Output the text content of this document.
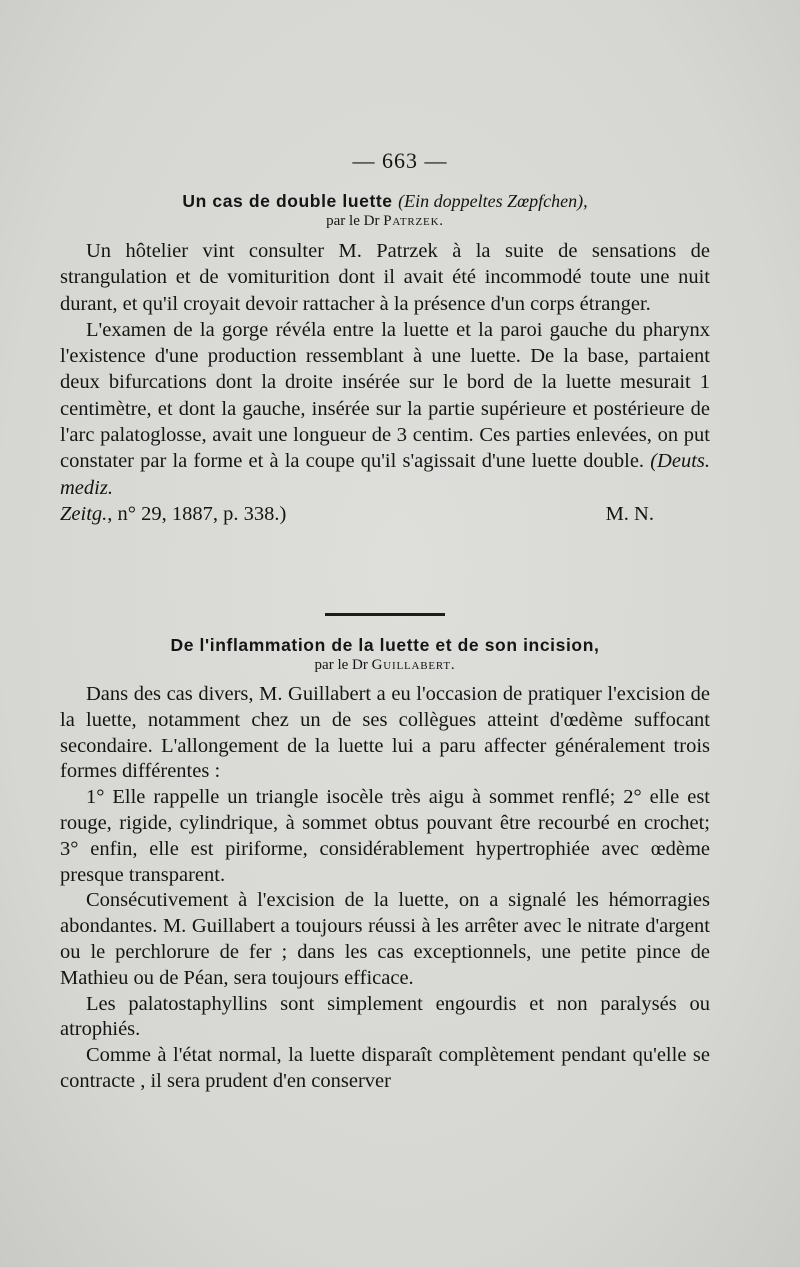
— 663 —
Un cas de double luette (Ein doppeltes Zœpfchen),
par le Dr Patrzek.

Un hôtelier vint consulter M. Patrzek à la suite de sensations de strangulation et de vomiturition dont il avait été incommodé toute une nuit durant, et qu'il croyait devoir rattacher à la présence d'un corps étranger.

L'examen de la gorge révéla entre la luette et la paroi gauche du pharynx l'existence d'une production ressemblant à une luette. De la base, partaient deux bifurcations dont la droite insérée sur le bord de la luette mesurait 1 centimètre, et dont la gauche, insérée sur la partie supérieure et postérieure de l'arc palatoglosse, avait une longueur de 3 centim. Ces parties enlevées, on put constater par la forme et à la coupe qu'il s'agissait d'une luette double. (Deuts. mediz.

Zeitg., n° 29, 1887, p. 338.)	M. N.

De l'inflammation de la luette et de son incision,
par le Dr Guillabert.

Dans des cas divers, M. Guillabert a eu l'occasion de pratiquer l'excision de la luette, notamment chez un de ses collègues atteint d'œdème suffocant secondaire. L'allongement de la luette lui a paru affecter généralement trois formes différentes :

1° Elle rappelle un triangle isocèle très aigu à sommet renflé; 2° elle est rouge, rigide, cylindrique, à sommet obtus pouvant être recourbé en crochet; 3° enfin, elle est piriforme, considérablement hypertrophiée avec œdème presque transparent.

Consécutivement à l'excision de la luette, on a signalé les hémorragies abondantes. M. Guillabert a toujours réussi à les arrêter avec le nitrate d'argent ou le perchlorure de fer ; dans les cas exceptionnels, une petite pince de Mathieu ou de Péan, sera toujours efficace.

Les palatostaphyllins sont simplement engourdis et non paralysés ou atrophiés.

Comme à l'état normal, la luette disparaît complètement pendant qu'elle se contracte , il sera prudent d'en conserver
